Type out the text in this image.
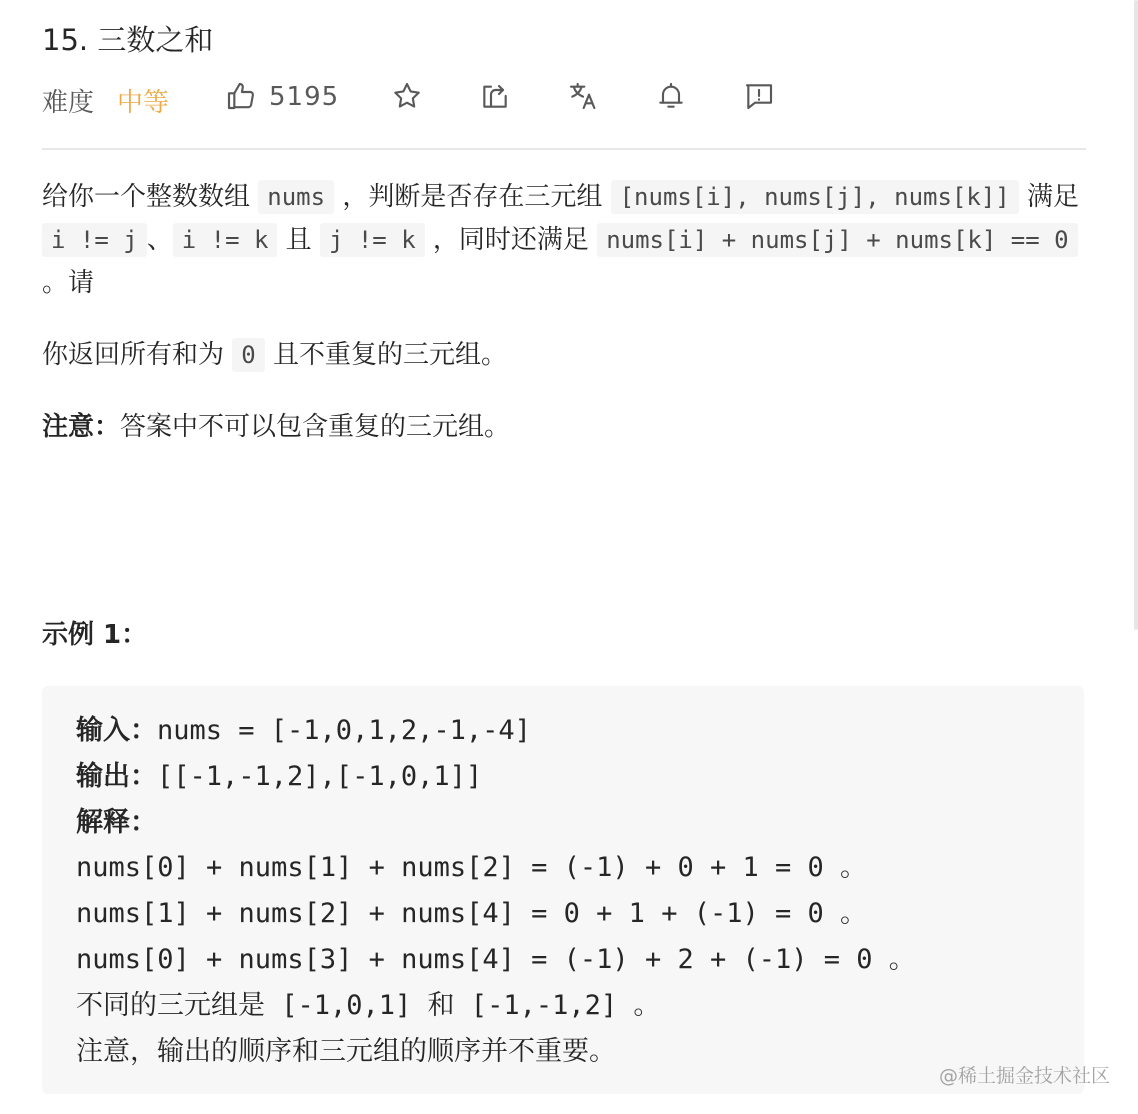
15. 三数之和
难度 中等	5195
给你一个整数数组 nums ，判断是否存在三元组 [nums[i], nums[j], nums[k]] 满足 i != j 、 i != k 且 j != k ，同时还满足 nums[i] + nums[j] + nums[k] == 0 。请
你返回所有和为 0 且不重复的三元组。
注意：答案中不可以包含重复的三元组。
示例 1：
输入：nums = [-1,0,1,2,-1,-4]
输出：[[-1,-1,2],[-1,0,1]]
解释：
nums[0] + nums[1] + nums[2] = (-1) + 0 + 1 = 0 。
nums[1] + nums[2] + nums[4] = 0 + 1 + (-1) = 0 。
nums[0] + nums[3] + nums[4] = (-1) + 2 + (-1) = 0 。
不同的三元组是 [-1,0,1] 和 [-1,-1,2] 。
注意，输出的顺序和三元组的顺序并不重要。
@稀土掘金技术社区
